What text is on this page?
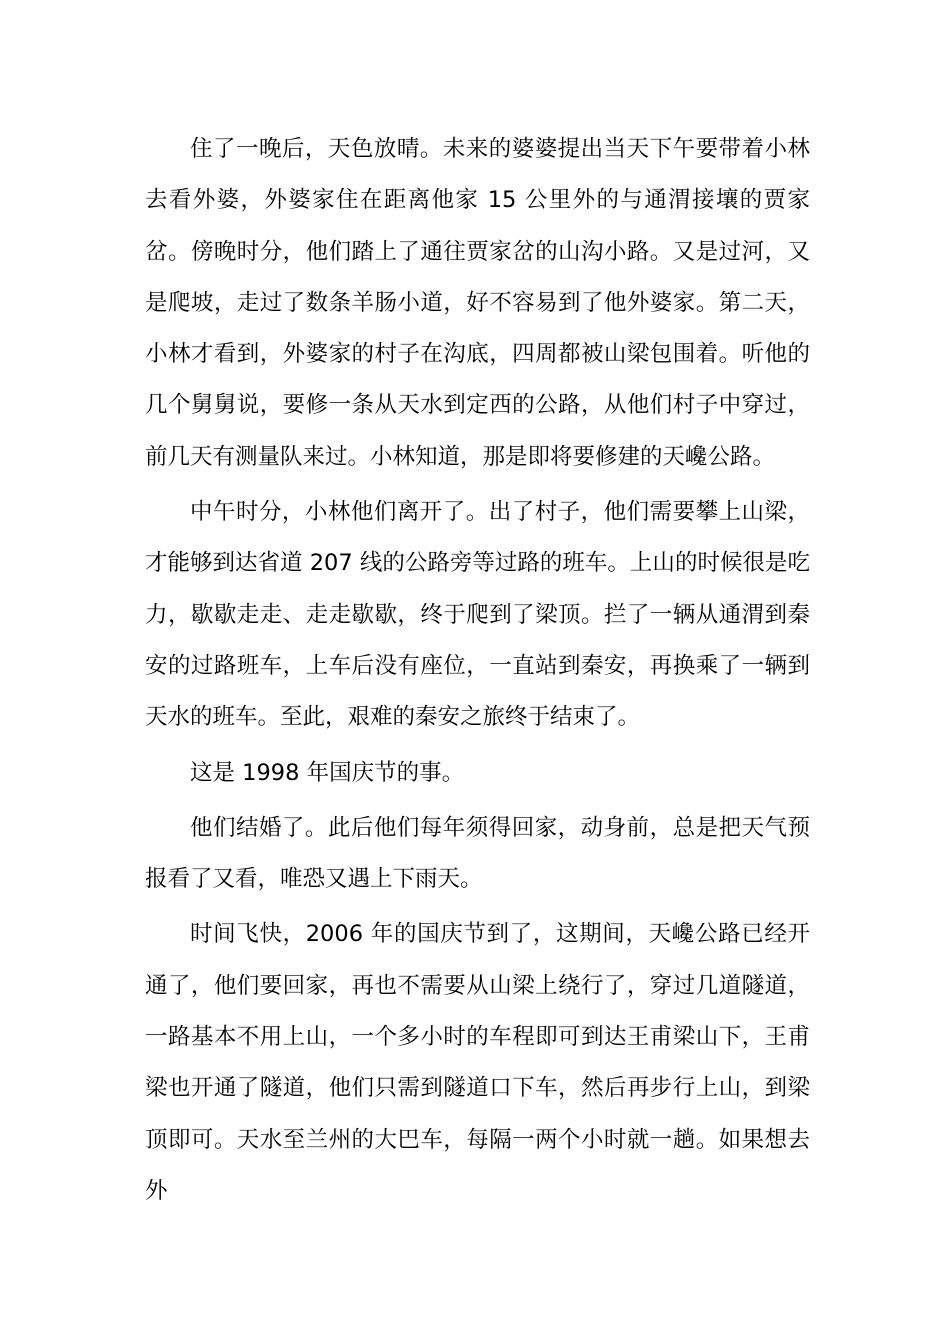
住了一晚后，天色放晴。未来的婆婆提出当天下午要带着小林去看外婆，外婆家住在距离他家 15 公里外的与通渭接壤的贾家岔。傍晚时分，他们踏上了通往贾家岔的山沟小路。又是过河，又是爬坡，走过了数条羊肠小道，好不容易到了他外婆家。第二天，小林才看到，外婆家的村子在沟底，四周都被山梁包围着。听他的几个舅舅说，要修一条从天水到定西的公路，从他们村子中穿过，前几天有测量队来过。小林知道，那是即将要修建的天巉公路。

中午时分，小林他们离开了。出了村子，他们需要攀上山梁，才能够到达省道 207 线的公路旁等过路的班车。上山的时候很是吃力，歇歇走走、走走歇歇，终于爬到了梁顶。拦了一辆从通渭到秦安的过路班车，上车后没有座位，一直站到秦安，再换乘了一辆到天水的班车。至此，艰难的秦安之旅终于结束了。

这是 1998 年国庆节的事。

他们结婚了。此后他们每年须得回家，动身前，总是把天气预报看了又看，唯恐又遇上下雨天。

时间飞快，2006 年的国庆节到了，这期间，天巉公路已经开通了，他们要回家，再也不需要从山梁上绕行了，穿过几道隧道，一路基本不用上山，一个多小时的车程即可到达王甫梁山下，王甫梁也开通了隧道，他们只需到隧道口下车，然后再步行上山，到梁顶即可。天水至兰州的大巴车，每隔一两个小时就一趟。如果想去外
